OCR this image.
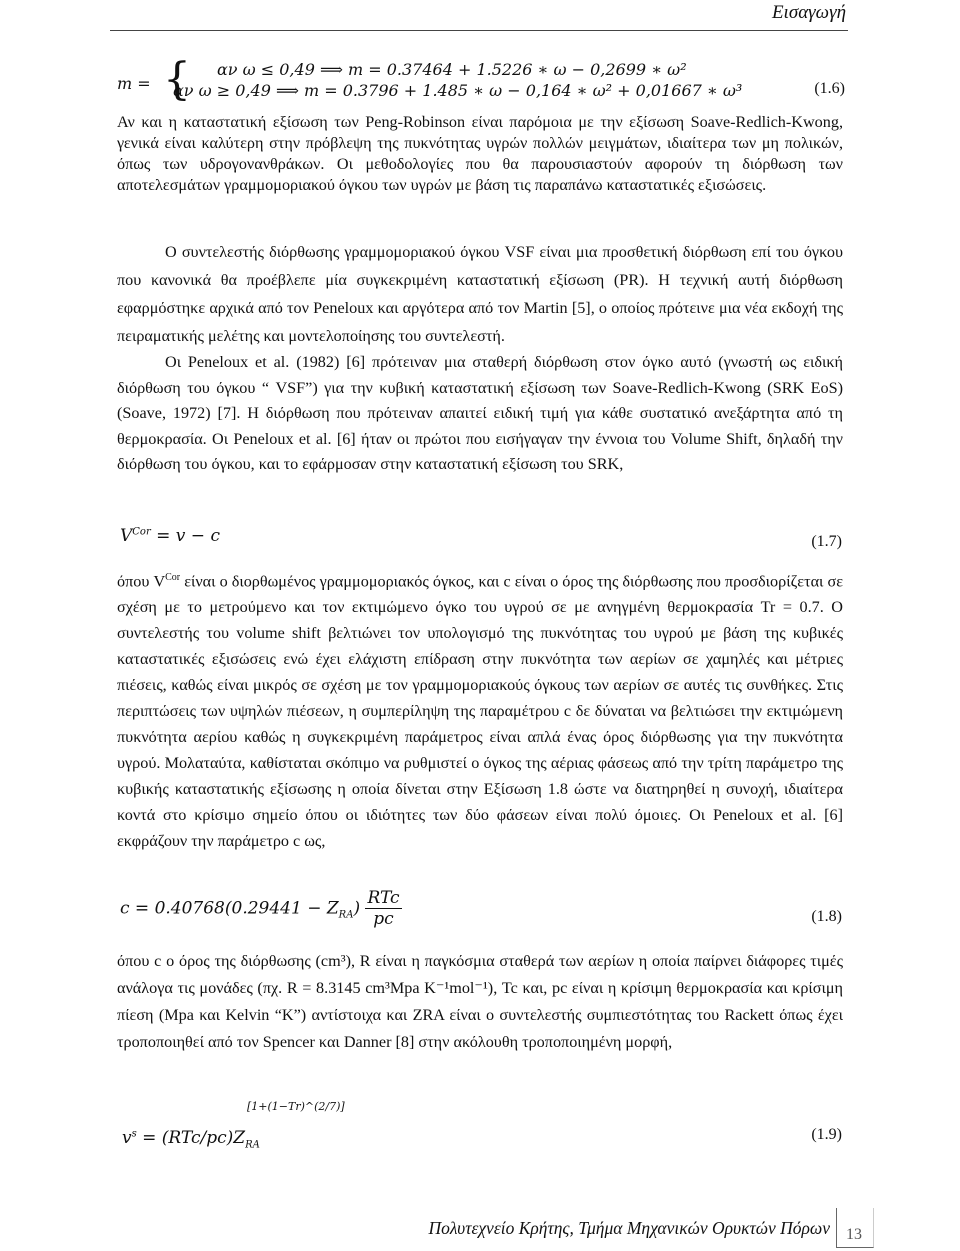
Εισαγωγή
m = { αν ω ≤ 0,49 ⟹ m = 0.37464 + 1.5226 ∗ ω − 0,2699 ∗ ω²
αν ω ≥ 0,49 ⟹ m = 0.3796 + 1.485 ∗ ω − 0,164 ∗ ω² + 0,01667 ∗ ω³	(1.6)
Αν και η καταστατική εξίσωση των Peng-Robinson είναι παρόμοια με την εξίσωση Soave-Redlich-Kwong, γενικά είναι καλύτερη στην πρόβλεψη της πυκνότητας υγρών πολλών μειγμάτων, ιδιαίτερα των μη πολικών, όπως των υδρογονανθράκων. Οι μεθοδολογίες που θα παρουσιαστούν αφορούν τη διόρθωση των αποτελεσμάτων γραμμομοριακού όγκου των υγρών με βάση τις παραπάνω καταστατικές εξισώσεις.
Ο συντελεστής διόρθωσης γραμμομοριακού όγκου VSF είναι μια προσθετική διόρθωση επί του όγκου που κανονικά θα προέβλεπε μία συγκεκριμένη καταστατική εξίσωση (PR). Η τεχνική αυτή διόρθωση εφαρμόστηκε αρχικά από τον Peneloux και αργότερα από τον Martin [5], ο οποίος πρότεινε μια νέα εκδοχή της πειραματικής μελέτης και μοντελοποίησης του συντελεστή.
Οι Peneloux et al. (1982) [6] πρότειναν μια σταθερή διόρθωση στον όγκο αυτό (γνωστή ως ειδική διόρθωση του όγκου “ VSF”) για την κυβική καταστατική εξίσωση των Soave-Redlich-Kwong (SRK EoS) (Soave, 1972) [7]. Η διόρθωση που πρότειναν απαιτεί ειδική τιμή για κάθε συστατικό ανεξάρτητα από τη θερμοκρασία. Οι Peneloux et al. [6] ήταν οι πρώτοι που εισήγαγαν την έννοια του Volume Shift, δηλαδή την διόρθωση του όγκου, και το εφάρμοσαν στην καταστατική εξίσωση του SRK,
$V^{Cor} = v - c$	(1.7)
όπου $V^{Cor}$ είναι ο διορθωμένος γραμμομοριακός όγκος, και c είναι ο όρος της διόρθωσης που προσδιορίζεται σε σχέση με το μετρούμενο και τον εκτιμώμενο όγκο του υγρού σε με ανηγμένη θερμοκρασία Tr = 0.7. Ο συντελεστής του volume shift βελτιώνει τον υπολογισμό της πυκνότητας του υγρού με βάση της κυβικές καταστατικές εξισώσεις ενώ έχει ελάχιστη επίδραση στην πυκνότητα των αερίων σε χαμηλές και μέτριες πιέσεις, καθώς είναι μικρός σε σχέση με τον γραμμομοριακούς όγκους των αερίων σε αυτές τις συνθήκες. Στις περιπτώσεις των υψηλών πιέσεων, η συμπερίληψη της παραμέτρου c δε δύναται να βελτιώσει την εκτιμώμενη πυκνότητα αερίου καθώς η συγκεκριμένη παράμετρος είναι απλά ένας όρος διόρθωσης για την πυκνότητα υγρού. Μολαταύτα, καθίσταται σκόπιμο να ρυθμιστεί ο όγκος της αέριας φάσεως από την τρίτη παράμετρο της κυβικής καταστατικής εξίσωσης η οποία δίνεται στην Εξίσωση 1.8 ώστε να διατηρηθεί η συνοχή, ιδιαίτερα κοντά στο κρίσιμο σημείο όπου οι ιδιότητες των δύο φάσεων είναι πολύ όμοιες. Οι Peneloux et al. [6] εκφράζουν την παράμετρο c ως,
$c = 0.40768(0.29441 - Z_{RA}) \frac{\text{RTc}}{pc}$	(1.8)
όπου c ο όρος της διόρθωσης (cm³), R είναι η παγκόσμια σταθερά των αερίων η οποία παίρνει διάφορες τιμές ανάλογα τις μονάδες (πχ. R = 8.3145 cm³Mpa K⁻¹mol⁻¹), Tc και, pc είναι η κρίσιμη θερμοκρασία και κρίσιμη πίεση (Mpa και Kelvin “K”) αντίστοιχα και ZRA είναι ο συντελεστής συμπιεστότητας του Rackett όπως έχει τροποποιηθεί από τον Spencer και Danner [8] στην ακόλουθη τροποποιημένη μορφή,
$v^s = (RTc/pc)Z_{RA}$
[1+(1−Tr)^(2/7)]
(1.9)
Πολυτεχνείο Κρήτης, Τμήμα Μηχανικών Ορυκτών Πόρων 13
